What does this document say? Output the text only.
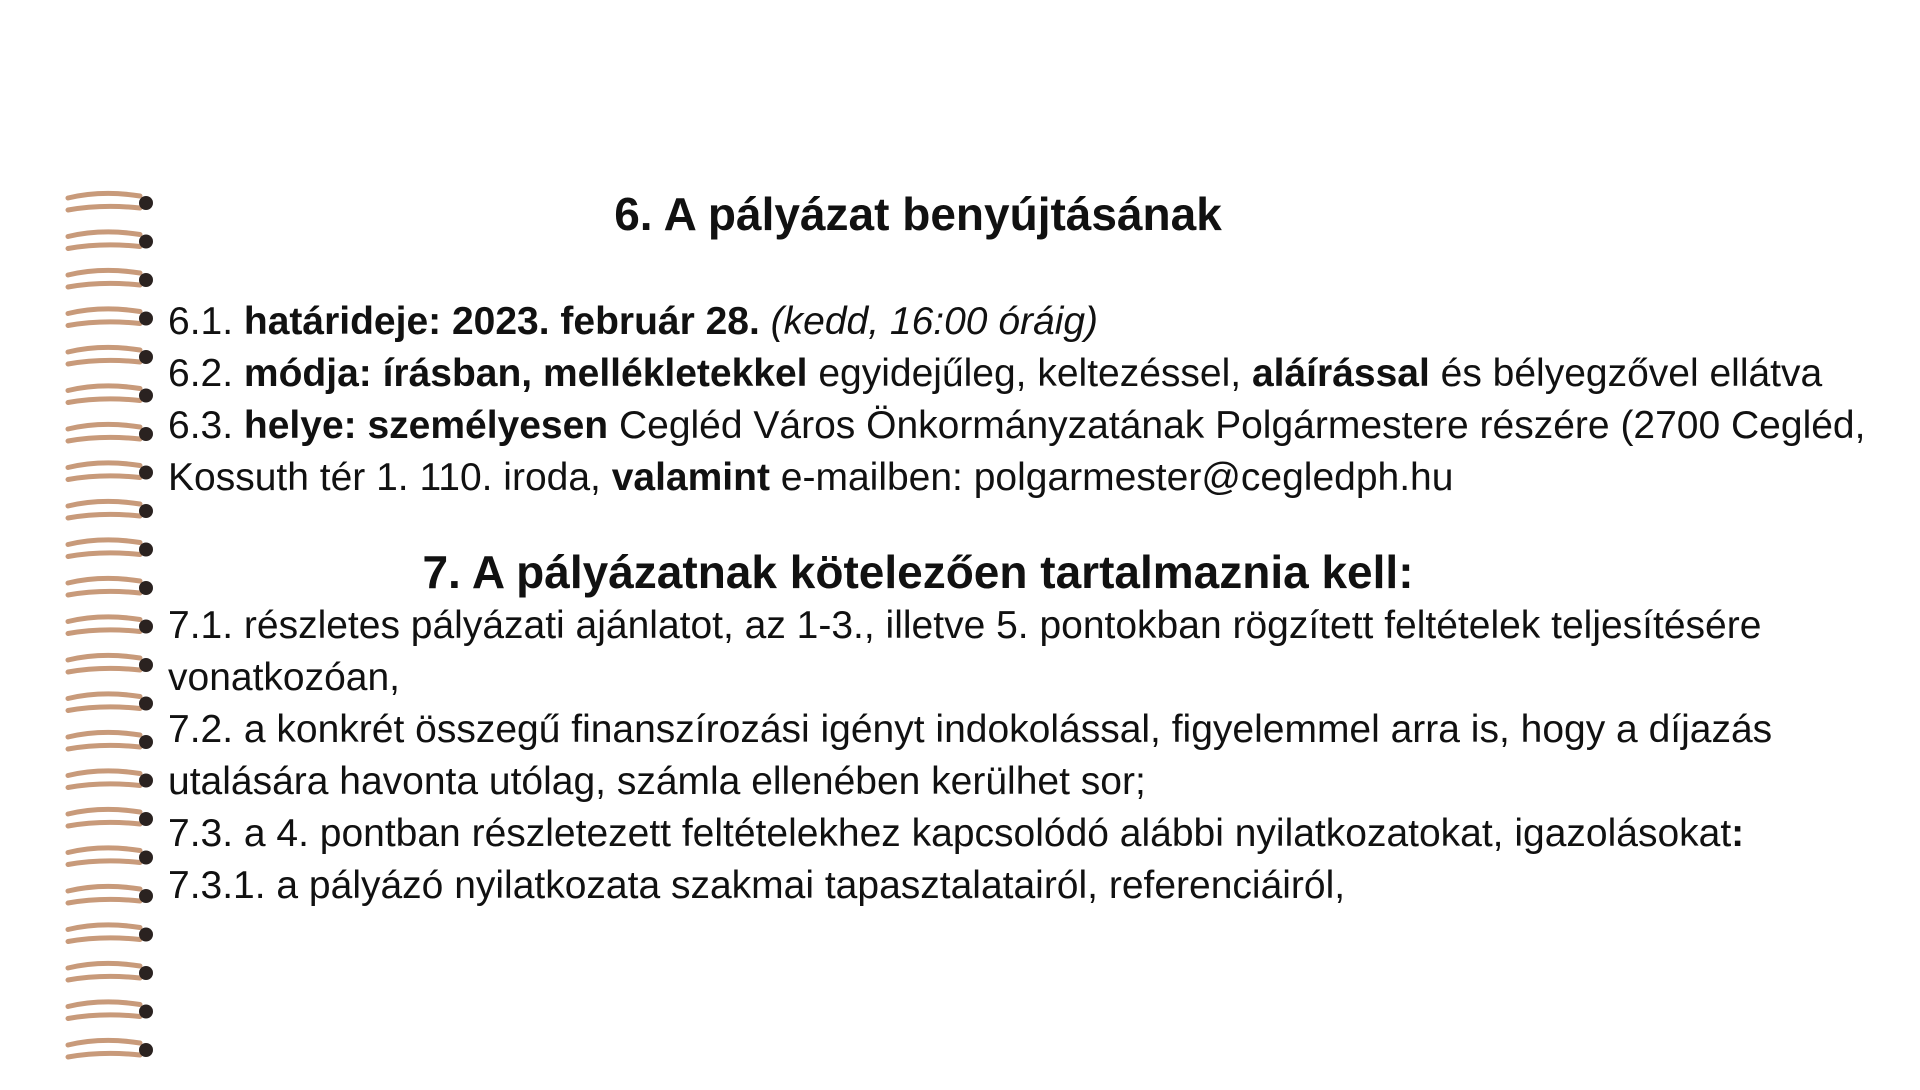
6. A pályázat benyújtásának

6.1. határideje: 2023. február 28. (kedd, 16:00 óráig)

6.2. módja: írásban, mellékletekkel egyidejűleg, keltezéssel, aláírással és bélyegzővel ellátva

6.3. helye: személyesen Cegléd Város Önkormányzatának Polgármestere részére (2700 Cegléd, Kossuth tér 1. 110. iroda, valamint e-mailben: polgarmester@cegledph.hu

7. A pályázatnak kötelezően tartalmaznia kell:

7.1. részletes pályázati ajánlatot, az 1-3., illetve 5. pontokban rögzített feltételek teljesítésére vonatkozóan,

7.2. a konkrét összegű finanszírozási igényt indokolással, figyelemmel arra is, hogy a díjazás utalására havonta utólag, számla ellenében kerülhet sor;

7.3. a 4. pontban részletezett feltételekhez kapcsolódó alábbi nyilatkozatokat, igazolásokat:

7.3.1. a pályázó nyilatkozata szakmai tapasztalatairól, referenciáiról,
